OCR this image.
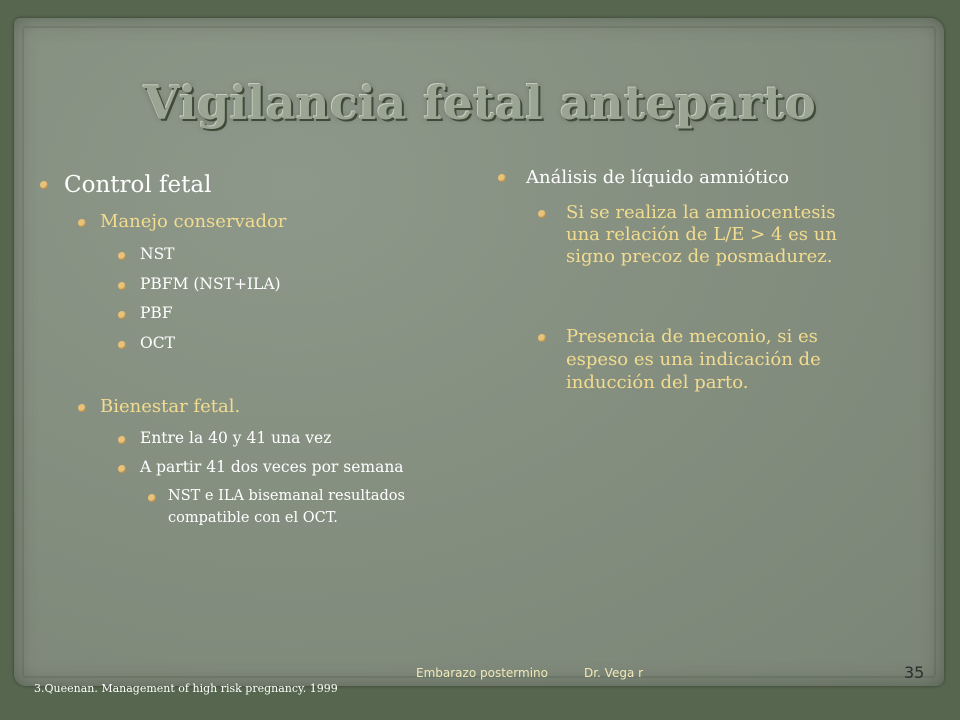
Vigilancia fetal anteparto
Control fetal
Manejo conservador
NST
PBFM (NST+ILA)
PBF
OCT
Bienestar fetal.
Entre la 40 y 41 una vez
A partir 41 dos veces por semana
NST e ILA bisemanal resultados
compatible con el OCT.
Análisis de líquido amniótico
Si se realiza la amniocentesis
una relación de L/E > 4 es un
signo precoz de posmadurez.
Presencia de meconio, si es
espeso es una indicación de
inducción del parto.
Embarazo postermino	Dr. Vega r	35
3.Queenan. Management of high risk pregnancy. 1999
